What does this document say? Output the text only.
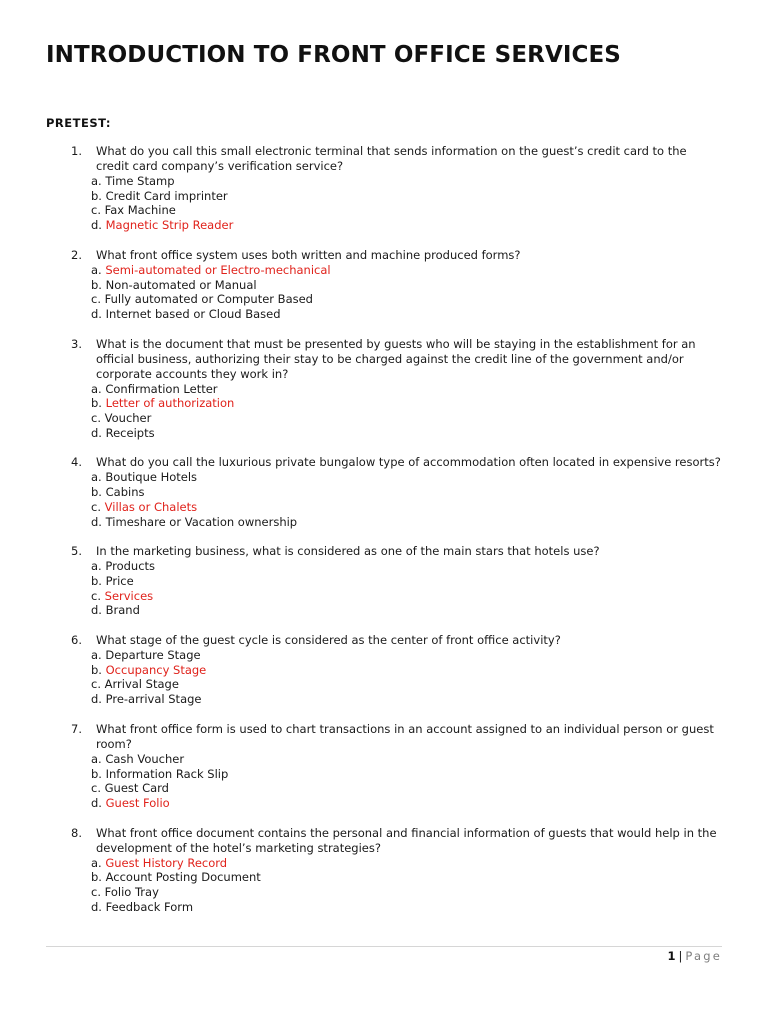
INTRODUCTION TO FRONT OFFICE SERVICES

PRETEST:

1. What do you call this small electronic terminal that sends information on the guest’s credit card to the credit card company’s verification service?

a. Time Stamp
b. Credit Card imprinter
c. Fax Machine
d. Magnetic Strip Reader
2. What front office system uses both written and machine produced forms?

a. Semi-automated or Electro-mechanical
b. Non-automated or Manual
c. Fully automated or Computer Based
d. Internet based or Cloud Based
3. What is the document that must be presented by guests who will be staying in the establishment for an official business, authorizing their stay to be charged against the credit line of the government and/or corporate accounts they work in?

a. Confirmation Letter
b. Letter of authorization
c. Voucher
d. Receipts
4. What do you call the luxurious private bungalow type of accommodation often located in expensive resorts?

a. Boutique Hotels
b. Cabins
c. Villas or Chalets
d. Timeshare or Vacation ownership
5. In the marketing business, what is considered as one of the main stars that hotels use?

a. Products
b. Price
c. Services
d. Brand
6. What stage of the guest cycle is considered as the center of front office activity?

a. Departure Stage
b. Occupancy Stage
c. Arrival Stage
d. Pre-arrival Stage
7. What front office form is used to chart transactions in an account assigned to an individual person or guest room?

a. Cash Voucher
b. Information Rack Slip
c. Guest Card
d. Guest Folio
8. What front office document contains the personal and financial information of guests that would help in the development of the hotel’s marketing strategies?

a. Guest History Record
b. Account Posting Document
c. Folio Tray
d. Feedback Form
1 | Page
